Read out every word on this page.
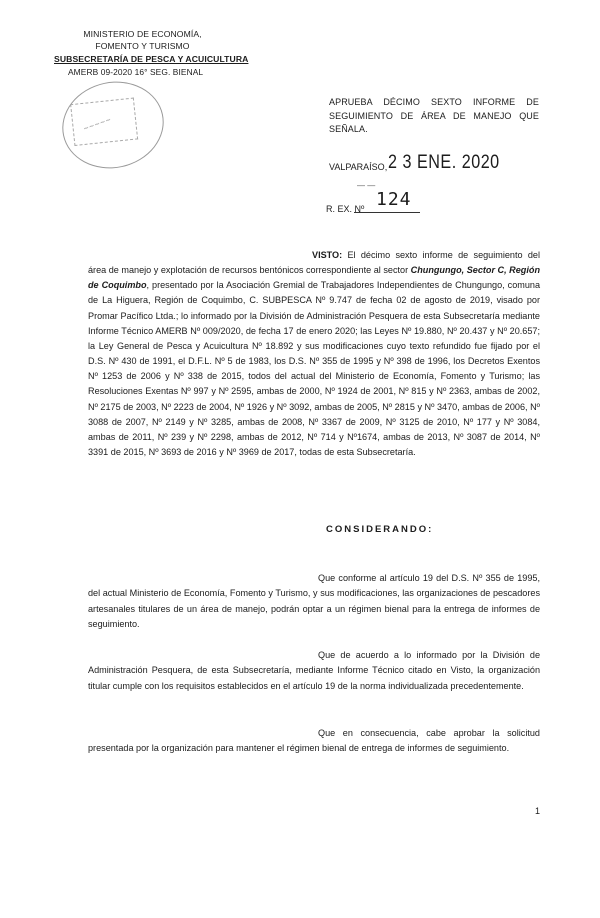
MINISTERIO DE ECONOMÍA,
FOMENTO Y TURISMO
SUBSECRETARÍA DE PESCA Y ACUICULTURA
AMERB 09-2020 16° SEG. BIENAL
~~~~~
APRUEBA DÉCIMO SEXTO INFORME DE
SEGUIMIENTO DE ÁREA DE MANEJO QUE SEÑALA.
VALPARAÍSO, 2 3 ENE. 2020
— —
R. EX. Nº 124
VISTO: El décimo sexto informe de seguimiento del área de manejo y explotación de recursos bentónicos correspondiente al sector Chungungo, Sector C, Región de Coquimbo, presentado por la Asociación Gremial de Trabajadores Independientes de Chungungo, comuna de La Higuera, Región de Coquimbo, C. SUBPESCA Nº 9.747 de fecha 02 de agosto de 2019, visado por Promar Pacífico Ltda.; lo informado por la División de Administración Pesquera de esta Subsecretaría mediante Informe Técnico AMERB Nº 009/2020, de fecha 17 de enero 2020; las Leyes Nº 19.880, Nº 20.437 y Nº 20.657; la Ley General de Pesca y Acuicultura Nº 18.892 y sus modificaciones cuyo texto refundido fue fijado por el D.S. Nº 430 de 1991, el D.F.L. Nº 5 de 1983, los D.S. Nº 355 de 1995 y Nº 398 de 1996, los Decretos Exentos Nº 1253 de 2006 y Nº 338 de 2015, todos del actual del Ministerio de Economía, Fomento y Turismo; las Resoluciones Exentas Nº 997 y Nº 2595, ambas de 2000, Nº 1924 de 2001, Nº 815 y Nº 2363, ambas de 2002, Nº 2175 de 2003, Nº 2223 de 2004, Nº 1926 y Nº 3092, ambas de 2005, Nº 2815 y Nº 3470, ambas de 2006, Nº 3088 de 2007, Nº 2149 y Nº 3285, ambas de 2008, Nº 3367 de 2009, Nº 3125 de 2010, Nº 177 y Nº 3084, ambas de 2011, Nº 239 y Nº 2298, ambas de 2012, Nº 714 y Nº1674, ambas de 2013, Nº 3087 de 2014, Nº 3391 de 2015, Nº 3693 de 2016 y Nº 3969 de 2017, todas de esta Subsecretaría.
CONSIDERANDO:
Que conforme al artículo 19 del D.S. Nº 355 de 1995, del actual Ministerio de Economía, Fomento y Turismo, y sus modificaciones, las organizaciones de pescadores artesanales titulares de un área de manejo, podrán optar a un régimen bienal para la entrega de informes de seguimiento.
Que de acuerdo a lo informado por la División de Administración Pesquera, de esta Subsecretaría, mediante Informe Técnico citado en Visto, la organización titular cumple con los requisitos establecidos en el artículo 19 de la norma individualizada precedentemente.
Que en consecuencia, cabe aprobar la solicitud presentada por la organización para mantener el régimen bienal de entrega de informes de seguimiento.
1
